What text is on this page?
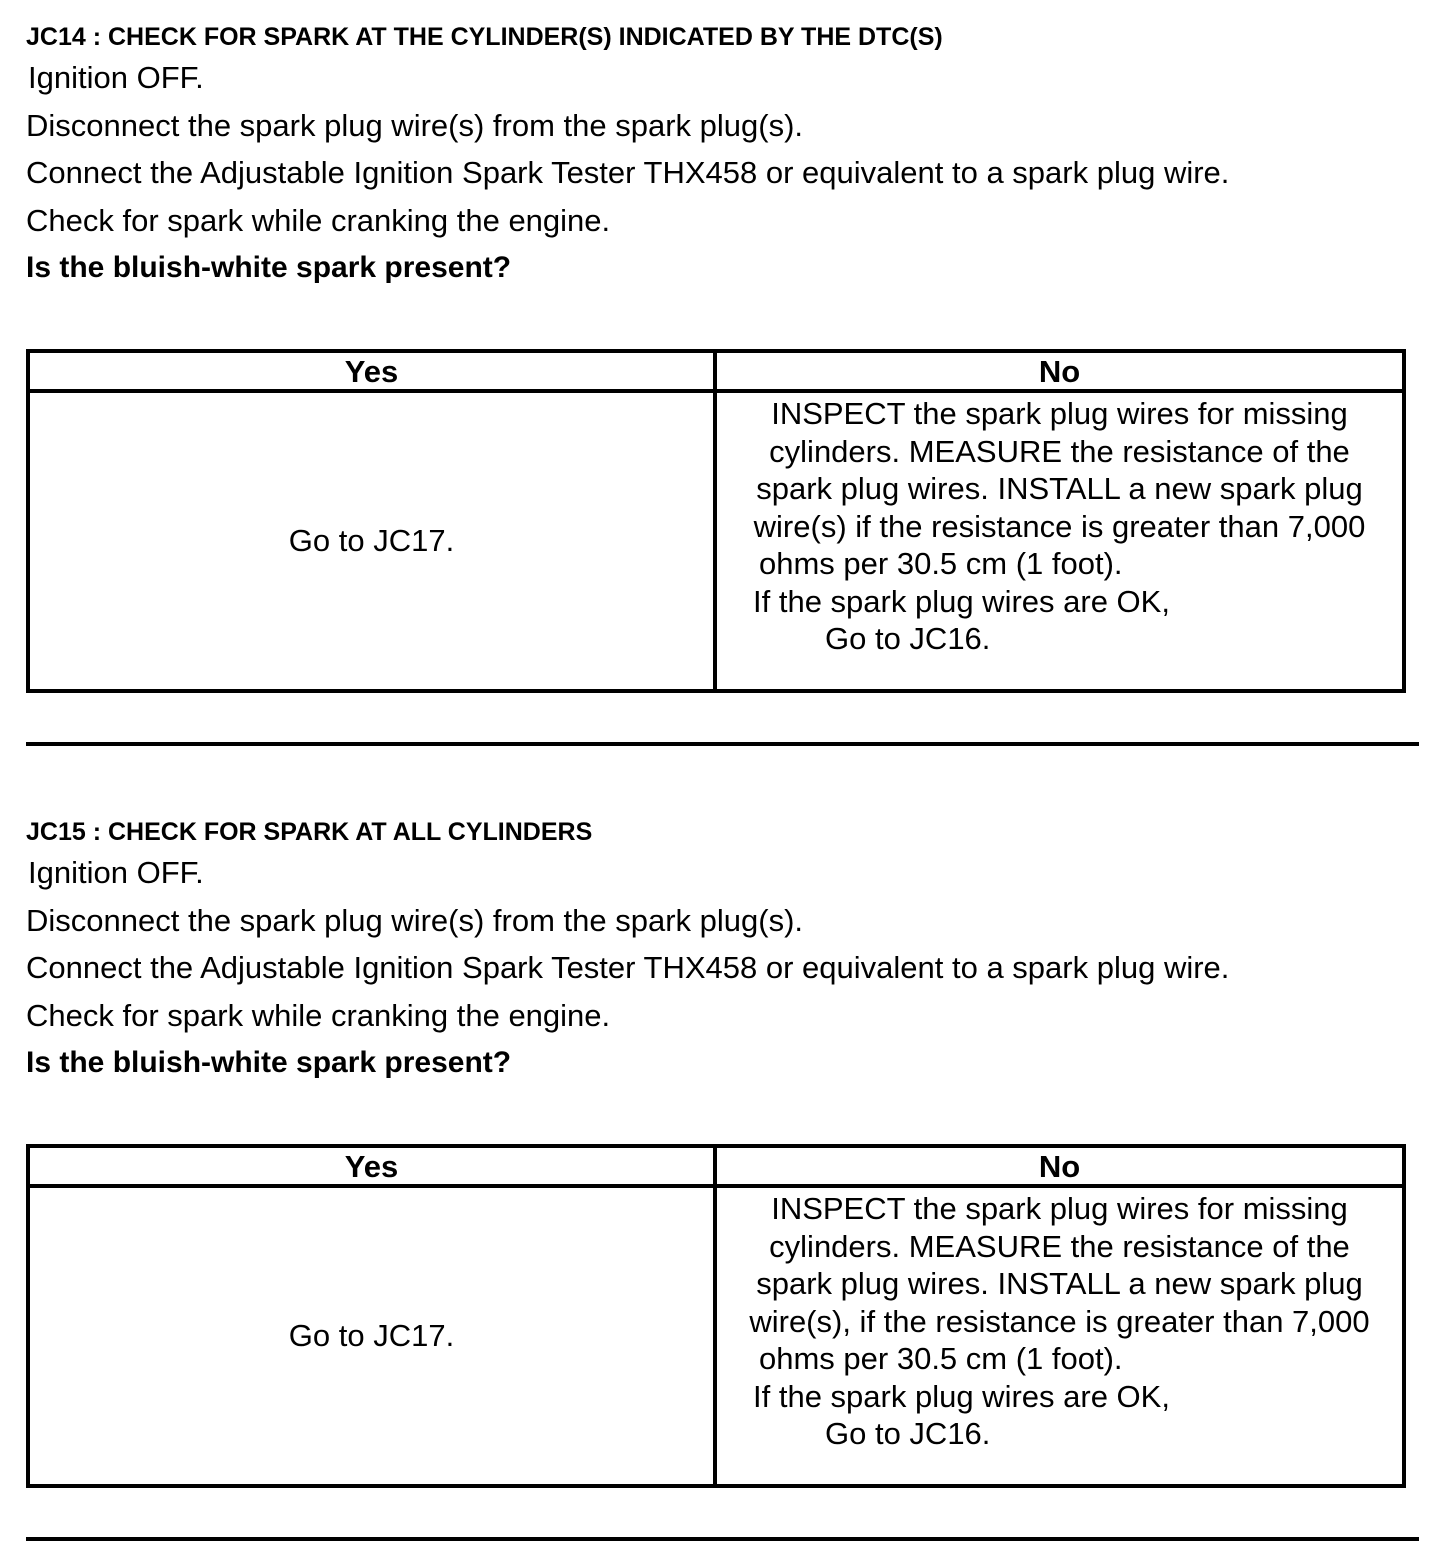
JC14 : CHECK FOR SPARK AT THE CYLINDER(S) INDICATED BY THE DTC(S)
Ignition OFF.
Disconnect the spark plug wire(s) from the spark plug(s).
Connect the Adjustable Ignition Spark Tester THX458 or equivalent to a spark plug wire.
Check for spark while cranking the engine.
Is the bluish-white spark present?
Yes	No
Go to JC17.
INSPECT the spark plug wires for missing
cylinders. MEASURE the resistance of the
spark plug wires. INSTALL a new spark plug
wire(s) if the resistance is greater than 7,000
ohms per 30.5 cm (1 foot).
If the spark plug wires are OK,
Go to JC16.
JC15 : CHECK FOR SPARK AT ALL CYLINDERS
Ignition OFF.
Disconnect the spark plug wire(s) from the spark plug(s).
Connect the Adjustable Ignition Spark Tester THX458 or equivalent to a spark plug wire.
Check for spark while cranking the engine.
Is the bluish-white spark present?
Yes	No
Go to JC17.
INSPECT the spark plug wires for missing
cylinders. MEASURE the resistance of the
spark plug wires. INSTALL a new spark plug
wire(s), if the resistance is greater than 7,000
ohms per 30.5 cm (1 foot).
If the spark plug wires are OK,
Go to JC16.
